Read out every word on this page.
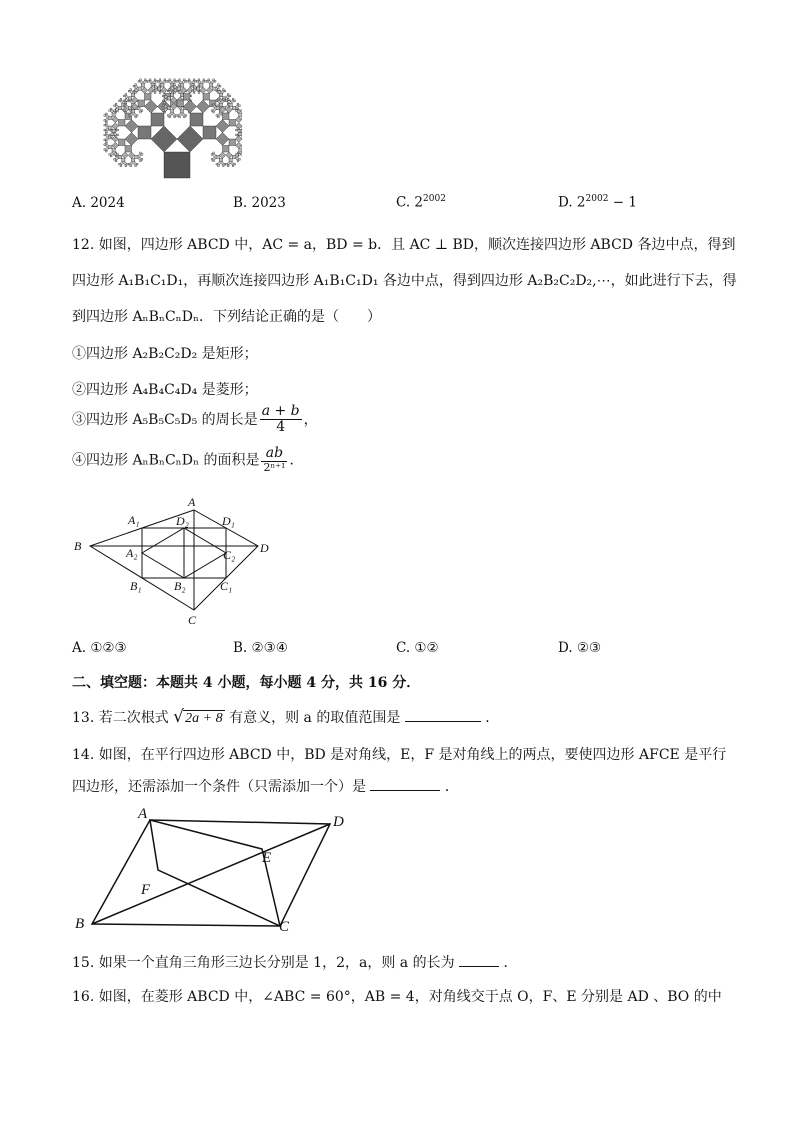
A. 2024	B. 2023	C. $2^{2002}$	D. $2^{2002} - 1$
12. 如图，四边形 ABCD 中，AC = a，BD = b．且 AC ⊥ BD，顺次连接四边形 ABCD 各边中点，得到
四边形 A₁B₁C₁D₁，再顺次连接四边形 A₁B₁C₁D₁ 各边中点，得到四边形 A₂B₂C₂D₂,⋯，如此进行下去，得
到四边形 AₙBₙCₙDₙ．下列结论正确的是（　　）
①四边形 A₂B₂C₂D₂ 是矩形；
②四边形 A₄B₄C₄D₄ 是菱形；
③四边形 A₅B₅C₅D₅ 的周长是 $\frac{a + b}{4}$ ，
④四边形 AₙBₙCₙDₙ 的面积是 $\frac{ab}{\text{2ⁿ⁺¹}}$ ．
A
B
C
D
A₁	D₁
D₂
A₂	C₂
B₁	B₂	C₁
A. ①②③	B. ②③④	C. ①②	D. ②③
二、填空题：本题共 4 小题，每小题 4 分，共 16 分．
13. 若二次根式 √ 2a + 8 有意义，则 a 的取值范围是	．
14. 如图，在平行四边形 ABCD 中，BD 是对角线，E，F 是对角线上的两点，要使四边形 AFCE 是平行
四边形，还需添加一个条件（只需添加一个）是	．
A	D
E
F
B	C
15. 如果一个直角三角形三边长分别是 1，2，a，则 a 的长为	．
16. 如图，在菱形 ABCD 中，∠ABC = 60°，AB = 4，对角线交于点 O，F、E 分别是 AD 、BO 的中
